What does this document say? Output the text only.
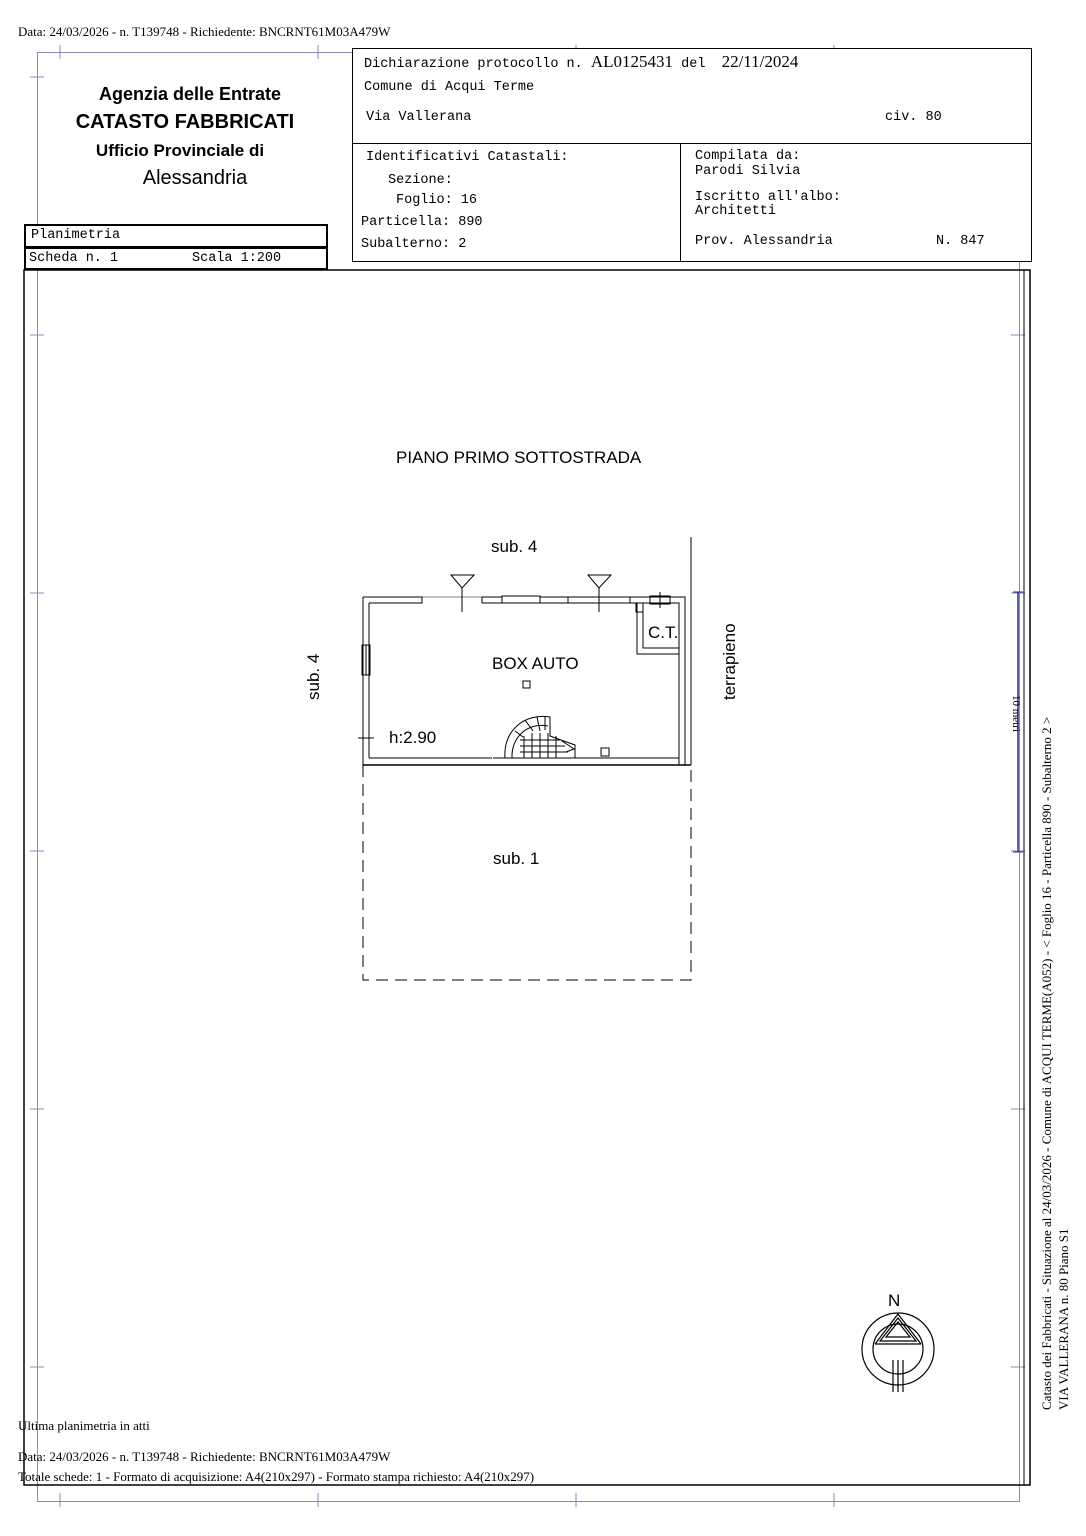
Data: 24/03/2026 - n. T139748 - Richiedente: BNCRNT61M03A479W
Agenzia delle Entrate
CATASTO FABBRICATI
Ufficio Provinciale di
Alessandria
Dichiarazione protocollo n. AL0125431 del 22/11/2024
Comune di Acqui Terme
Via Vallerana	civ. 80
Identificativi Catastali:
Sezione:
Foglio: 16
Particella: 890
Subalterno: 2
Compilata da:
Parodi Silvia
Iscritto all'albo:
Architetti
Prov. Alessandria	N. 847
Planimetria
Scheda n. 1	Scala 1:200
PIANO PRIMO SOTTOSTRADA
sub. 4
sub. 4	terrapieno
C.T.
BOX AUTO
h:2.90
sub. 1
N	Catasto dei Fabbricati - Situazione al 24/03/2026 - Comune di ACQUI TERME(A052) - < Foglio 16 - Particella 890 - Subalterno 2 > VIA VALLERANA n. 80 Piano S1
10 metri
Ultima planimetria in atti
Data: 24/03/2026 - n. T139748 - Richiedente: BNCRNT61M03A479W
Totale schede: 1 - Formato di acquisizione: A4(210x297) - Formato stampa richiesto: A4(210x297)
